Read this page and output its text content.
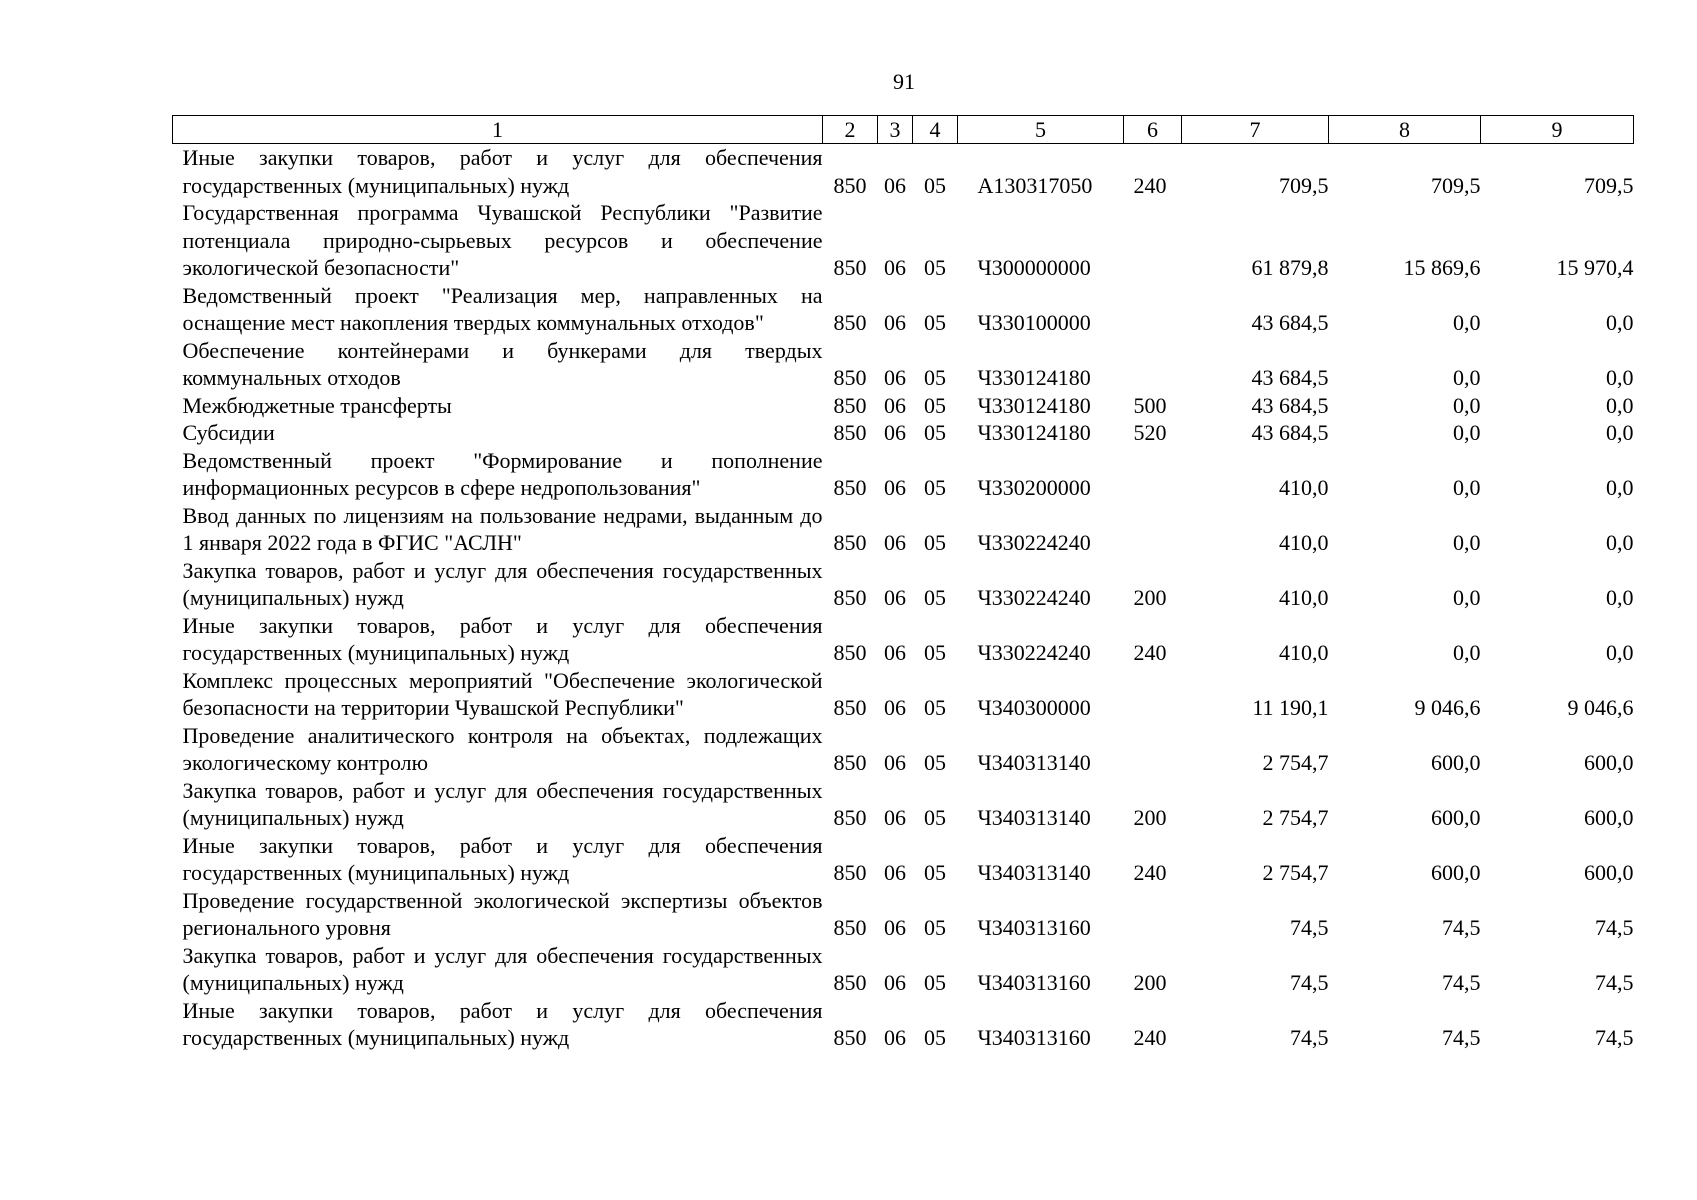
91
1	2	3	4	5	6	7	8	9
Иные закупки товаров, работ и услуг для обеспечения государственных (муниципальных) нужд	850	06	05	А130317050	240	709,5	709,5	709,5
Государственная программа Чувашской Республики "Развитие потенциала природно-сырьевых ресурсов и обеспечение экологической безопасности"	850	06	05	Ч300000000		61 879,8	15 869,6	15 970,4
Ведомственный проект "Реализация мер, направленных на оснащение мест накопления твердых коммунальных отходов"	850	06	05	Ч330100000		43 684,5	0,0	0,0
Обеспечение контейнерами и бункерами для твердых коммунальных отходов	850	06	05	Ч330124180		43 684,5	0,0	0,0
Межбюджетные трансферты	850	06	05	Ч330124180	500	43 684,5	0,0	0,0
Субсидии	850	06	05	Ч330124180	520	43 684,5	0,0	0,0
Ведомственный проект "Формирование и пополнение информационных ресурсов в сфере недропользования"	850	06	05	Ч330200000		410,0	0,0	0,0
Ввод данных по лицензиям на пользование недрами, выданным до 1 января 2022 года в ФГИС "АСЛН"	850	06	05	Ч330224240		410,0	0,0	0,0
Закупка товаров, работ и услуг для обеспечения государственных (муниципальных) нужд	850	06	05	Ч330224240	200	410,0	0,0	0,0
Иные закупки товаров, работ и услуг для обеспечения государственных (муниципальных) нужд	850	06	05	Ч330224240	240	410,0	0,0	0,0
Комплекс процессных мероприятий "Обеспечение экологической безопасности на территории Чувашской Республики"	850	06	05	Ч340300000		11 190,1	9 046,6	9 046,6
Проведение аналитического контроля на объектах, подлежащих экологическому контролю	850	06	05	Ч340313140		2 754,7	600,0	600,0
Закупка товаров, работ и услуг для обеспечения государственных (муниципальных) нужд	850	06	05	Ч340313140	200	2 754,7	600,0	600,0
Иные закупки товаров, работ и услуг для обеспечения государственных (муниципальных) нужд	850	06	05	Ч340313140	240	2 754,7	600,0	600,0
Проведение государственной экологической экспертизы объектов регионального уровня	850	06	05	Ч340313160		74,5	74,5	74,5
Закупка товаров, работ и услуг для обеспечения государственных (муниципальных) нужд	850	06	05	Ч340313160	200	74,5	74,5	74,5
Иные закупки товаров, работ и услуг для обеспечения государственных (муниципальных) нужд	850	06	05	Ч340313160	240	74,5	74,5	74,5
